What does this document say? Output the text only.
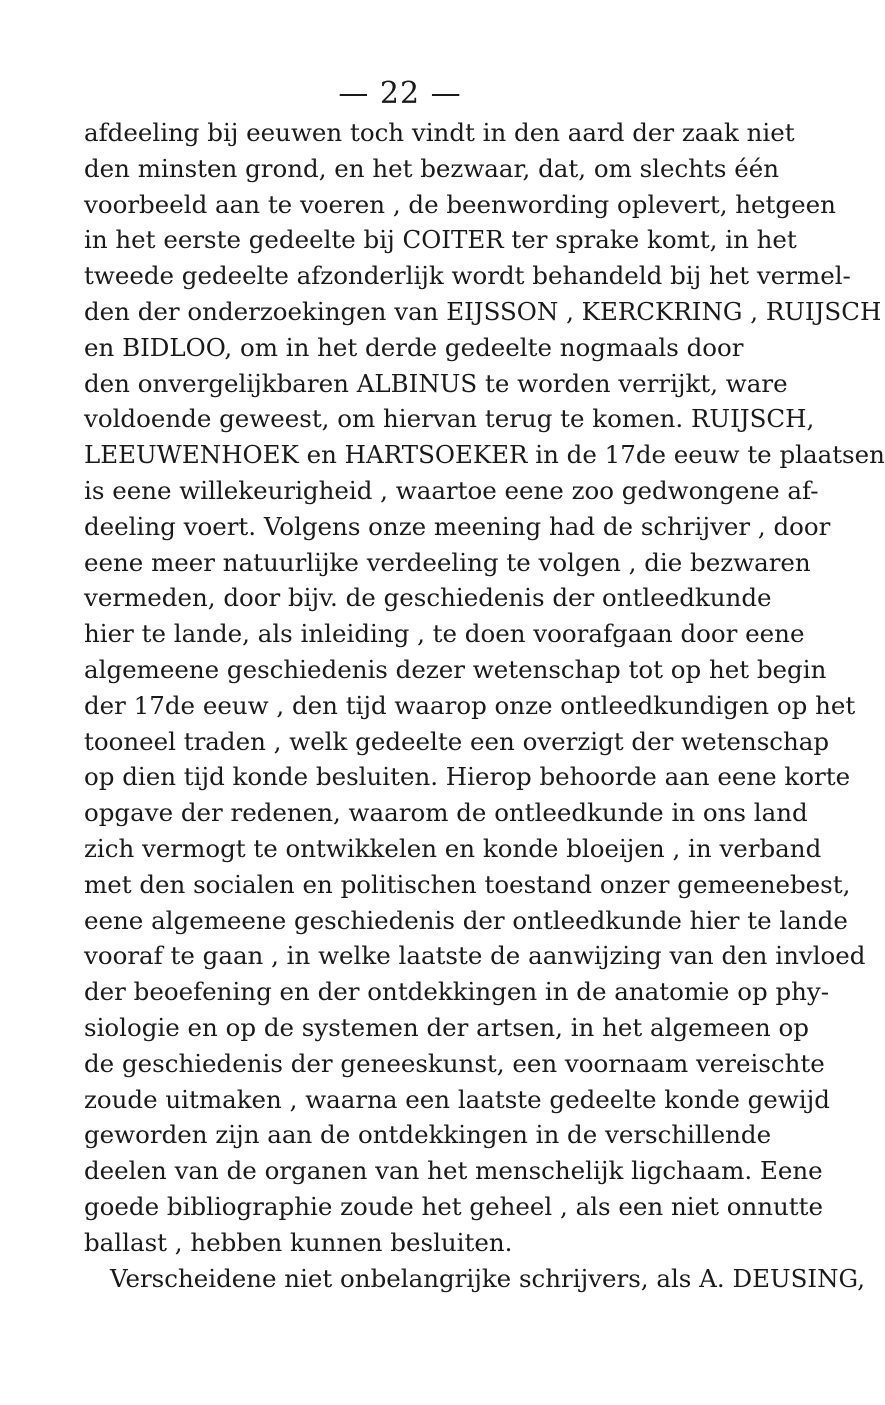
— 22 —
afdeeling bij eeuwen toch vindt in den aard der zaak niet
den minsten grond, en het bezwaar, dat, om slechts één
voorbeeld aan te voeren , de beenwording oplevert, hetgeen
in het eerste gedeelte bij COITER ter sprake komt, in het
tweede gedeelte afzonderlijk wordt behandeld bij het vermel-
den der onderzoekingen van EIJSSON , KERCKRING , RUIJSCH
en BIDLOO, om in het derde gedeelte nogmaals door
den onvergelijkbaren ALBINUS te worden verrijkt, ware
voldoende geweest, om hiervan terug te komen. RUIJSCH,
LEEUWENHOEK en HARTSOEKER in de 17de eeuw te plaatsen
is eene willekeurigheid , waartoe eene zoo gedwongene af-
deeling voert. Volgens onze meening had de schrijver , door
eene meer natuurlijke verdeeling te volgen , die bezwaren
vermeden, door bijv. de geschiedenis der ontleedkunde
hier te lande, als inleiding , te doen voorafgaan door eene
algemeene geschiedenis dezer wetenschap tot op het begin
der 17de eeuw , den tijd waarop onze ontleedkundigen op het
tooneel traden , welk gedeelte een overzigt der wetenschap
op dien tijd konde besluiten. Hierop behoorde aan eene korte
opgave der redenen, waarom de ontleedkunde in ons land
zich vermogt te ontwikkelen en konde bloeijen , in verband
met den socialen en politischen toestand onzer gemeenebest,
eene algemeene geschiedenis der ontleedkunde hier te lande
vooraf te gaan , in welke laatste de aanwijzing van den invloed
der beoefening en der ontdekkingen in de anatomie op phy-
siologie en op de systemen der artsen, in het algemeen op
de geschiedenis der geneeskunst, een voornaam vereischte
zoude uitmaken , waarna een laatste gedeelte konde gewijd
geworden zijn aan de ontdekkingen in de verschillende
deelen van de organen van het menschelijk ligchaam. Eene
goede bibliographie zoude het geheel , als een niet onnutte
ballast , hebben kunnen besluiten.
Verscheidene niet onbelangrijke schrijvers, als A. DEUSING,
